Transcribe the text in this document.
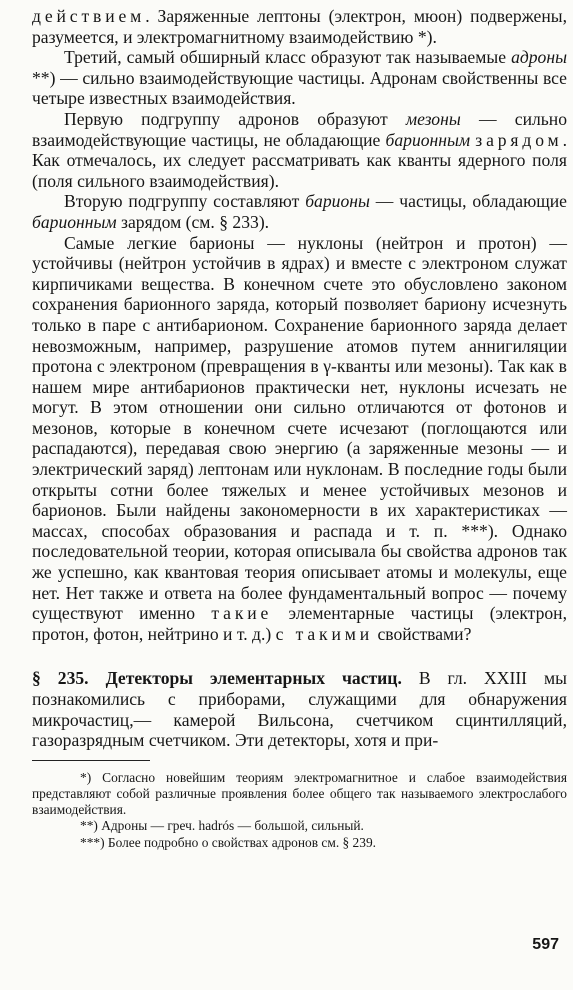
действием. Заряженные лептоны (электрон, мюон) подвержены, разумеется, и электромагнитному взаимодействию *).

Третий, самый обширный класс образуют так называемые адроны **) — сильно взаимодействующие частицы. Адронам свойственны все четыре известных взаимодействия.

Первую подгруппу адронов образуют мезоны — сильно взаимодействующие частицы, не обладающие барионным зарядом. Как отмечалось, их следует рассматривать как кванты ядерного поля (поля сильного взаимодействия).

Вторую подгруппу составляют барионы — частицы, обладающие барионным зарядом (см. § 233).

Самые легкие барионы — нуклоны (нейтрон и протон) — устойчивы (нейтрон устойчив в ядрах) и вместе с электроном служат кирпичиками вещества. В конечном счете это обусловлено законом сохранения барионного заряда, который позволяет бариону исчезнуть только в паре с антибарионом. Сохранение барионного заряда делает невозможным, например, разрушение атомов путем аннигиляции протона с электроном (превращения в γ-кванты или мезоны). Так как в нашем мире антибарионов практически нет, нуклоны исчезать не могут. В этом отношении они сильно отличаются от фотонов и мезонов, которые в конечном счете исчезают (поглощаются или распадаются), передавая свою энергию (а заряженные мезоны — и электрический заряд) лептонам или нуклонам. В последние годы были открыты сотни более тяжелых и менее устойчивых мезонов и барионов. Были найдены закономерности в их характеристиках — массах, способах образования и распада и т. п. ***). Однако последовательной теории, которая описывала бы свойства адронов так же успешно, как квантовая теория описывает атомы и молекулы, еще нет. Нет также и ответа на более фундаментальный вопрос — почему существуют именно такие элементарные частицы (электрон, протон, фотон, нейтрино и т. д.) с такими свойствами?

§ 235. Детекторы элементарных частиц. В гл. XXIII мы познакомились с приборами, служащими для обнаружения микрочастиц,— камерой Вильсона, счетчиком сцинтилляций, газоразрядным счетчиком. Эти детекторы, хотя и при-

*) Согласно новейшим теориям электромагнитное и слабое взаимодействия представляют собой различные проявления более общего так называемого электрослабого взаимодействия.

**) Адроны — греч. hadrós — большой, сильный.

***) Более подробно о свойствах адронов см. § 239.

597
